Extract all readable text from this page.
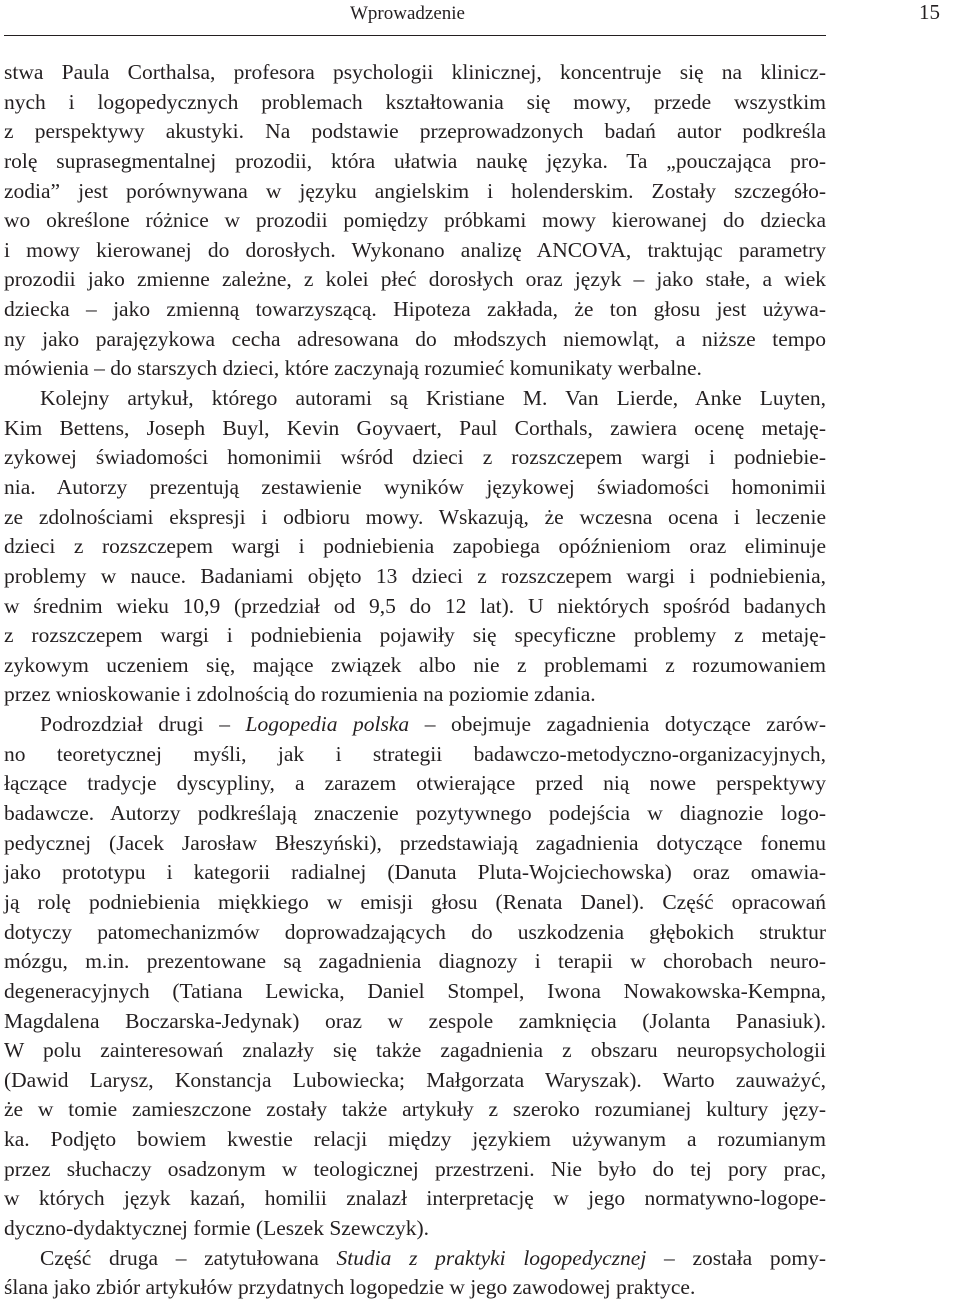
Wprowadzenie	15
stwa Paula Corthalsa, profesora psychologii klinicznej, koncentruje się na klinicz-
nych i logopedycznych problemach kształtowania się mowy, przede wszystkim
z perspektywy akustyki. Na podstawie przeprowadzonych badań autor podkreśla
rolę suprasegmentalnej prozodii, która ułatwia naukę języka. Ta „pouczająca pro-
zodia” jest porównywana w języku angielskim i holenderskim. Zostały szczegóło-
wo określone różnice w prozodii pomiędzy próbkami mowy kierowanej do dziecka
i mowy kierowanej do dorosłych. Wykonano analizę ANCOVA, traktując parametry
prozodii jako zmienne zależne, z kolei płeć dorosłych oraz język – jako stałe, a wiek
dziecka – jako zmienną towarzyszącą. Hipoteza zakłada, że ton głosu jest używa-
ny jako parajęzykowa cecha adresowana do młodszych niemowląt, a niższe tempo
mówienia – do starszych dzieci, które zaczynają rozumieć komunikaty werbalne.
Kolejny artykuł, którego autorami są Kristiane M. Van Lierde, Anke Luyten,
Kim Bettens, Joseph Buyl, Kevin Goyvaert, Paul Corthals, zawiera ocenę metaję-
zykowej świadomości homonimii wśród dzieci z rozszczepem wargi i podniebie-
nia. Autorzy prezentują zestawienie wyników językowej świadomości homonimii
ze zdolnościami ekspresji i odbioru mowy. Wskazują, że wczesna ocena i leczenie
dzieci z rozszczepem wargi i podniebienia zapobiega opóźnieniom oraz eliminuje
problemy w nauce. Badaniami objęto 13 dzieci z rozszczepem wargi i podniebienia,
w średnim wieku 10,9 (przedział od 9,5 do 12 lat). U niektórych spośród badanych
z rozszczepem wargi i podniebienia pojawiły się specyficzne problemy z metaję-
zykowym uczeniem się, mające związek albo nie z problemami z rozumowaniem
przez wnioskowanie i zdolnością do rozumienia na poziomie zdania.
Podrozdział drugi – Logopedia polska – obejmuje zagadnienia dotyczące zarów-
no teoretycznej myśli, jak i strategii badawczo-metodyczno-organizacyjnych,
łączące tradycje dyscypliny, a zarazem otwierające przed nią nowe perspektywy
badawcze. Autorzy podkreślają znaczenie pozytywnego podejścia w diagnozie logo-
pedycznej (Jacek Jarosław Błeszyński), przedstawiają zagadnienia dotyczące fonemu
jako prototypu i kategorii radialnej (Danuta Pluta-Wojciechowska) oraz omawia-
ją rolę podniebienia miękkiego w emisji głosu (Renata Danel). Część opracowań
dotyczy patomechanizmów doprowadzających do uszkodzenia głębokich struktur
mózgu, m.in. prezentowane są zagadnienia diagnozy i terapii w chorobach neuro-
degeneracyjnych (Tatiana Lewicka, Daniel Stompel, Iwona Nowakowska-Kempna,
Magdalena Boczarska-Jedynak) oraz w zespole zamknięcia (Jolanta Panasiuk).
W polu zainteresowań znalazły się także zagadnienia z obszaru neuropsychologii
(Dawid Larysz, Konstancja Lubowiecka; Małgorzata Waryszak). Warto zauważyć,
że w tomie zamieszczone zostały także artykuły z szeroko rozumianej kultury języ-
ka. Podjęto bowiem kwestie relacji między językiem używanym a rozumianym
przez słuchaczy osadzonym w teologicznej przestrzeni. Nie było do tej pory prac,
w których język kazań, homilii znalazł interpretację w jego normatywno-logope-
dyczno-dydaktycznej formie (Leszek Szewczyk).
Część druga – zatytułowana Studia z praktyki logopedycznej – została pomy-
ślana jako zbiór artykułów przydatnych logopedzie w jego zawodowej praktyce.
